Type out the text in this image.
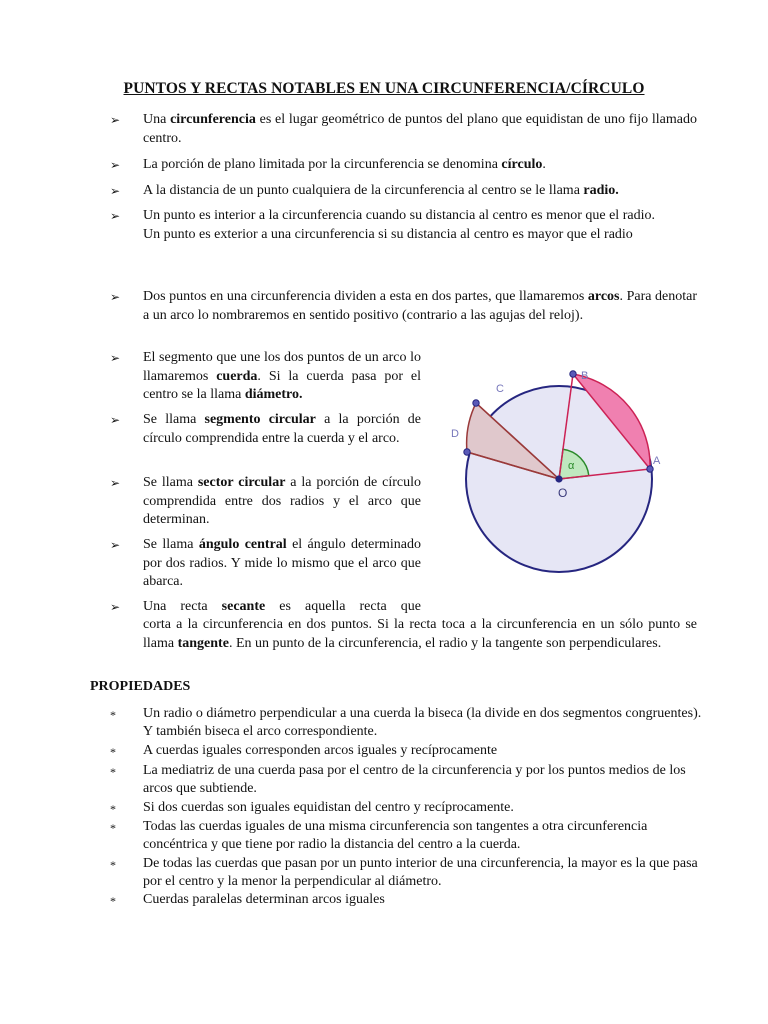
PUNTOS Y RECTAS NOTABLES EN UNA CIRCUNFERENCIA/CÍRCULO
➢ Una circunferencia es el lugar geométrico de puntos del plano que equidistan de uno fijo llamado centro.
➢ La porción de plano limitada por la circunferencia se denomina círculo.
➢ A la distancia de un punto cualquiera de la circunferencia al centro se le llama radio.
➢ Un punto es interior a la circunferencia cuando su distancia al centro es menor que el radio.
Un punto es exterior a una circunferencia si su distancia al centro es mayor que el radio
➢ Dos puntos en una circunferencia dividen a esta en dos partes, que llamaremos arcos. Para denotar a un arco lo nombraremos en sentido positivo (contrario a las agujas del reloj).
➢ El segmento que une los dos puntos de un arco lo llamaremos cuerda. Si la cuerda pasa por el centro se la llama diámetro.
➢ Se llama segmento circular a la porción de círculo comprendida entre la cuerda y el arco.
➢ Se llama sector circular a la porción de círculo comprendida entre dos radios y el arco que determinan.
➢ Se llama ángulo central el ángulo determinado por dos radios. Y mide lo mismo que el arco que abarca.
➢ Una recta secante es aquella recta que
corta a la circunferencia en dos puntos. Si la recta toca a la circunferencia en un sólo punto se llama tangente. En un punto de la circunferencia, el radio y la tangente son perpendiculares.
A
B
C
D
O
α
PROPIEDADES
* Un radio o diámetro perpendicular a una cuerda la biseca (la divide en dos segmentos congruentes). Y también biseca el arco correspondiente.
* A cuerdas iguales corresponden arcos iguales y recíprocamente
* La mediatriz de una cuerda pasa por el centro de la circunferencia y por los puntos medios de los arcos que subtiende.
* Si dos cuerdas son iguales equidistan del centro y recíprocamente.
* Todas las cuerdas iguales de una misma circunferencia son tangentes a otra circunferencia concéntrica y que tiene por radio la distancia del centro a la cuerda.
* De todas las cuerdas que pasan por un punto interior de una circunferencia, la mayor es la que pasa por el centro y la menor la perpendicular al diámetro.
* Cuerdas paralelas determinan arcos iguales
